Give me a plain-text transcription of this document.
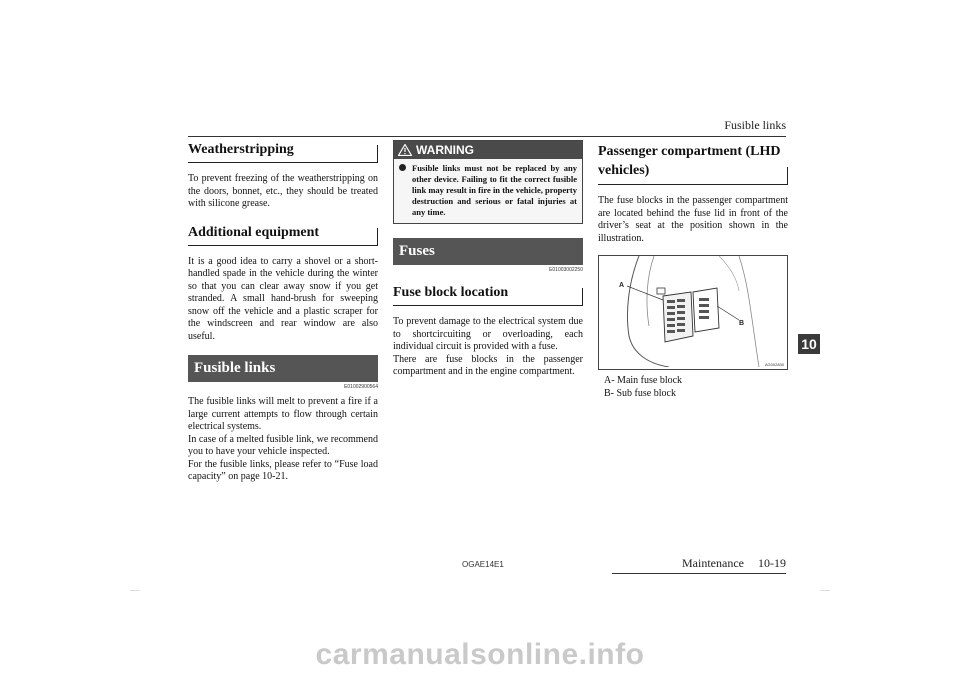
Fusible links
Weatherstripping

To prevent freezing of the weatherstripping on the doors, bonnet, etc., they should be treated with silicone grease.

Additional equipment

It is a good idea to carry a shovel or a short-handled spade in the vehicle during the winter so that you can clear away snow if you get stranded. A small hand-brush for sweeping snow off the vehicle and a plastic scraper for the windscreen and rear window are also useful.

Fusible links
E01002900564

The fusible links will melt to prevent a fire if a large current attempts to flow through certain electrical systems.

In case of a melted fusible link, we recommend you to have your vehicle inspected.

For the fusible links, please refer to “Fuse load capacity” on page 10-21.

WARNING
Fusible links must not be replaced by any other device. Failing to fit the correct fusible link may result in fire in the vehicle, property destruction and serious or fatal injuries at any time.
Fuses
E01003002250
Fuse block location

To prevent damage to the electrical system due to shortcircuiting or overloading, each individual circuit is provided with a fuse.

There are fuse blocks in the passenger compartment and in the engine compartment.

Passenger compartment (LHD vehicles)

The fuse blocks in the passenger compartment are located behind the fuse lid in front of the driver’s seat at the position shown in the illustration.

A
B
AG002830
A- Main fuse block
B- Sub fuse block
10
OGAE14E1	Maintenance 10-19
carmanualsonline.info
